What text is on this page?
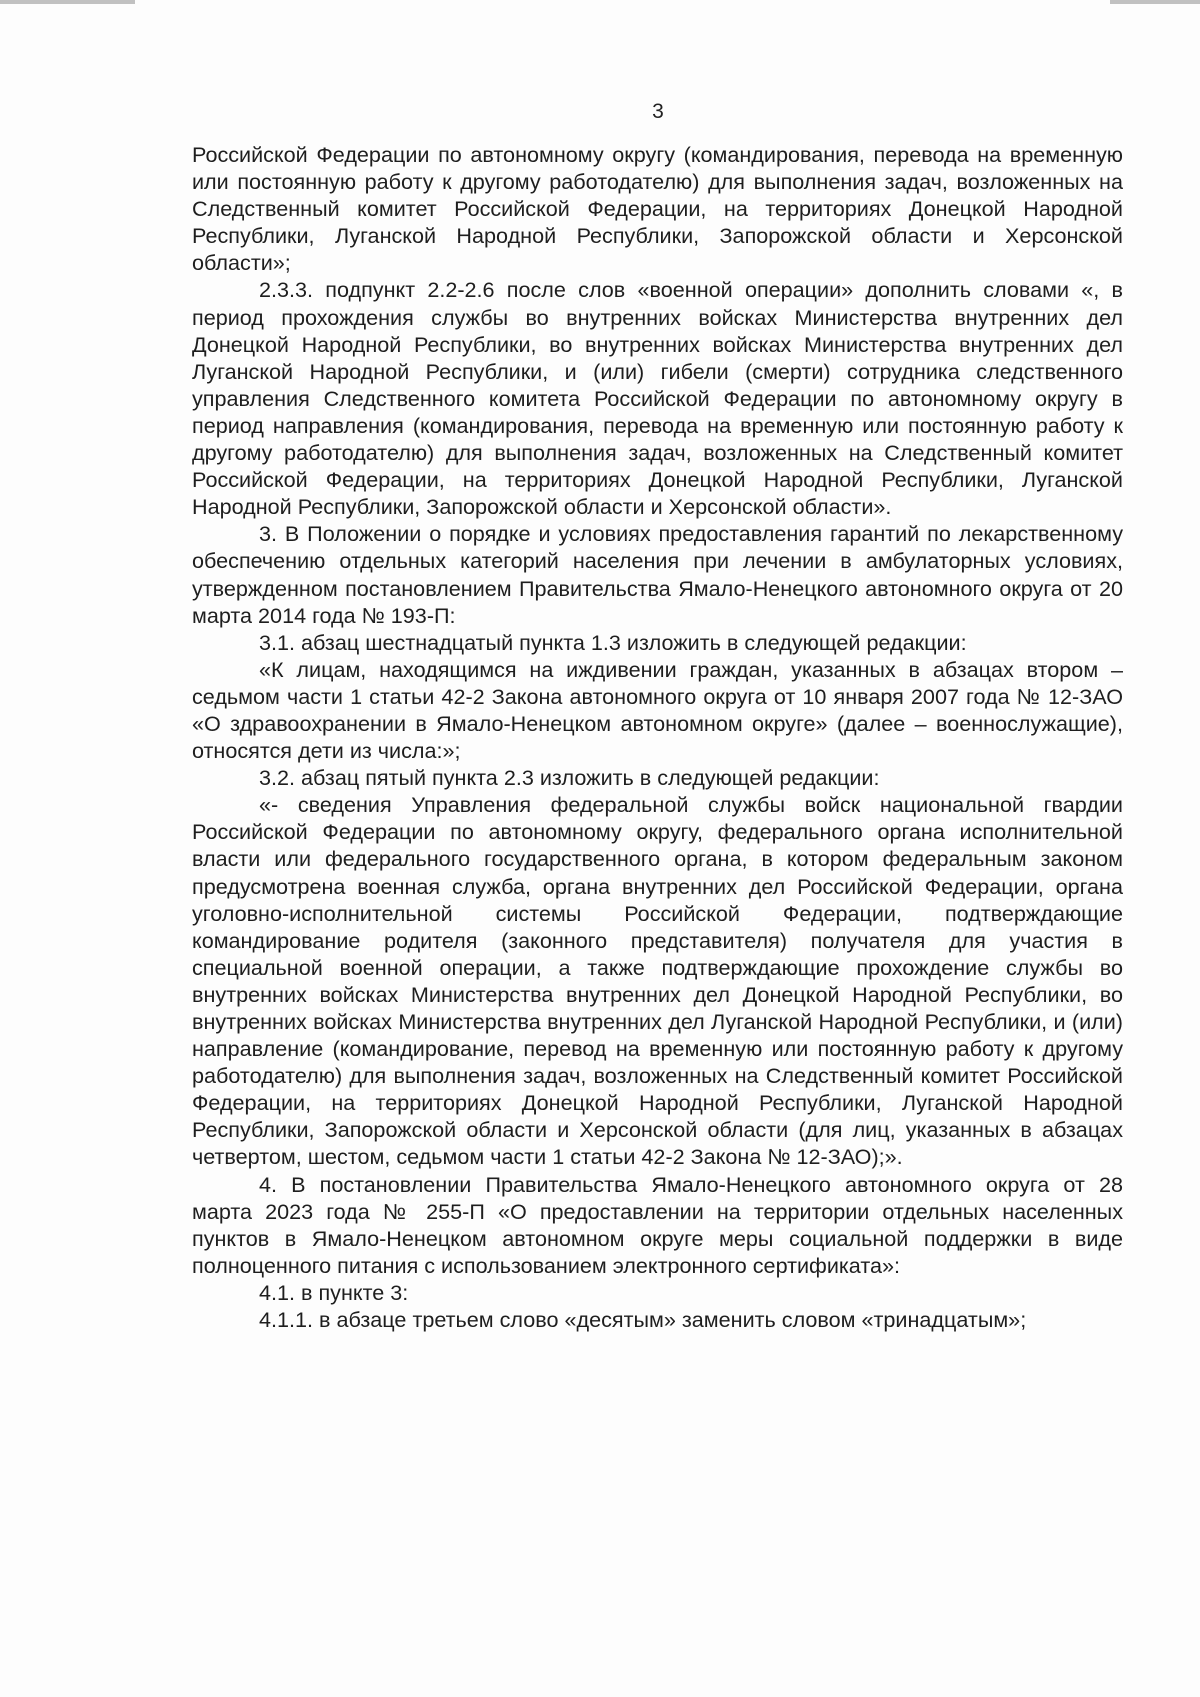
3

Российской Федерации по автономному округу (командирования, перевода на временную или постоянную работу к другому работодателю) для выполнения задач, возложенных на Следственный комитет Российской Федерации, на территориях Донецкой Народной Республики, Луганской Народной Республики, Запорожской области и Херсонской области»;

2.3.3. подпункт 2.2-2.6 после слов «военной операции» дополнить словами «, в период прохождения службы во внутренних войсках Министерства внутренних дел Донецкой Народной Республики, во внутренних войсках Министерства внутренних дел Луганской Народной Республики, и (или) гибели (смерти) сотрудника следственного управления Следственного комитета Российской Федерации по автономному округу в период направления (командирования, перевода на временную или постоянную работу к другому работодателю) для выполнения задач, возложенных на Следственный комитет Российской Федерации, на территориях Донецкой Народной Республики, Луганской Народной Республики, Запорожской области и Херсонской области».

3. В Положении о порядке и условиях предоставления гарантий по лекарственному обеспечению отдельных категорий населения при лечении в амбулаторных условиях, утвержденном постановлением Правительства Ямало-Ненецкого автономного округа от 20 марта 2014 года № 193-П:

3.1. абзац шестнадцатый пункта 1.3 изложить в следующей редакции:

«К лицам, находящимся на иждивении граждан, указанных в абзацах втором – седьмом части 1 статьи 42-2 Закона автономного округа от 10 января 2007 года № 12-ЗАО «О здравоохранении в Ямало-Ненецком автономном округе» (далее – военнослужащие), относятся дети из числа:»;

3.2. абзац пятый пункта 2.3 изложить в следующей редакции:

«- сведения Управления федеральной службы войск национальной гвардии Российской Федерации по автономному округу, федерального органа исполнительной власти или федерального государственного органа, в котором федеральным законом предусмотрена военная служба, органа внутренних дел Российской Федерации, органа уголовно-исполнительной системы Российской Федерации, подтверждающие командирование родителя (законного представителя) получателя для участия в специальной военной операции, а также подтверждающие прохождение службы во внутренних войсках Министерства внутренних дел Донецкой Народной Республики, во внутренних войсках Министерства внутренних дел Луганской Народной Республики, и (или) направление (командирование, перевод на временную или постоянную работу к другому работодателю) для выполнения задач, возложенных на Следственный комитет Российской Федерации, на территориях Донецкой Народной Республики, Луганской Народной Республики, Запорожской области и Херсонской области (для лиц, указанных в абзацах четвертом, шестом, седьмом части 1 статьи 42-2 Закона № 12-ЗАО);».

4. В постановлении Правительства Ямало-Ненецкого автономного округа от 28 марта 2023 года № 255-П «О предоставлении на территории отдельных населенных пунктов в Ямало-Ненецком автономном округе меры социальной поддержки в виде полноценного питания с использованием электронного сертификата»:

4.1. в пункте 3:

4.1.1. в абзаце третьем слово «десятым» заменить словом «тринадцатым»;
